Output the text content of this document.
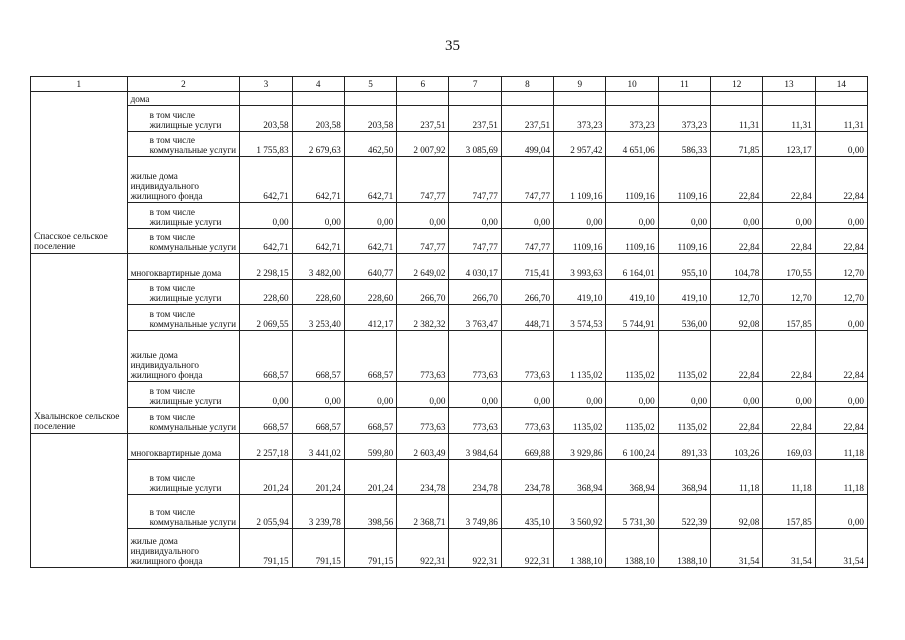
35
1	2	3	4	5	6	7	8	9	10	11	12	13	14
Спасское сельское поселение	дома												
	в том числе жилищные услуги	203,58	203,58	203,58	237,51	237,51	237,51	373,23	373,23	373,23	11,31	11,31	11,31
	в том числе коммунальные услуги	1 755,83	2 679,63	462,50	2 007,92	3 085,69	499,04	2 957,42	4 651,06	586,33	71,85	123,17	0,00
	жилые дома индивидуального жилищного фонда	642,71	642,71	642,71	747,77	747,77	747,77	1 109,16	1109,16	1109,16	22,84	22,84	22,84
	в том числе жилищные услуги	0,00	0,00	0,00	0,00	0,00	0,00	0,00	0,00	0,00	0,00	0,00	0,00
	в том числе коммунальные услуги	642,71	642,71	642,71	747,77	747,77	747,77	1109,16	1109,16	1109,16	22,84	22,84	22,84
Хвалынское сельское поселение	многоквартирные дома	2 298,15	3 482,00	640,77	2 649,02	4 030,17	715,41	3 993,63	6 164,01	955,10	104,78	170,55	12,70
	в том числе жилищные услуги	228,60	228,60	228,60	266,70	266,70	266,70	419,10	419,10	419,10	12,70	12,70	12,70
	в том числе коммунальные услуги	2 069,55	3 253,40	412,17	2 382,32	3 763,47	448,71	3 574,53	5 744,91	536,00	92,08	157,85	0,00
	жилые дома индивидуального жилищного фонда	668,57	668,57	668,57	773,63	773,63	773,63	1 135,02	1135,02	1135,02	22,84	22,84	22,84
	в том числе жилищные услуги	0,00	0,00	0,00	0,00	0,00	0,00	0,00	0,00	0,00	0,00	0,00	0,00
	в том числе коммунальные услуги	668,57	668,57	668,57	773,63	773,63	773,63	1135,02	1135,02	1135,02	22,84	22,84	22,84
	многоквартирные дома	2 257,18	3 441,02	599,80	2 603,49	3 984,64	669,88	3 929,86	6 100,24	891,33	103,26	169,03	11,18
	в том числе жилищные услуги	201,24	201,24	201,24	234,78	234,78	234,78	368,94	368,94	368,94	11,18	11,18	11,18
	в том числе коммунальные услуги	2 055,94	3 239,78	398,56	2 368,71	3 749,86	435,10	3 560,92	5 731,30	522,39	92,08	157,85	0,00
	жилые дома индивидуального жилищного фонда	791,15	791,15	791,15	922,31	922,31	922,31	1 388,10	1388,10	1388,10	31,54	31,54	31,54
